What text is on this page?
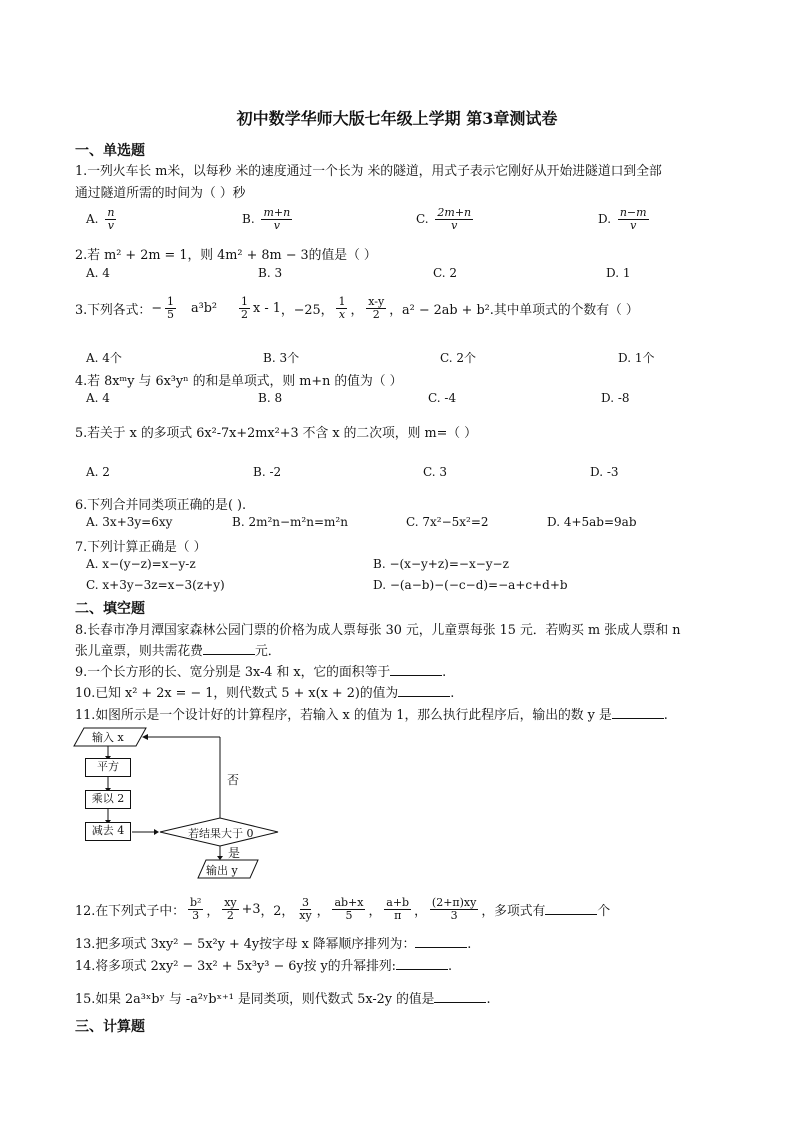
初中数学华师大版七年级上学期 第3章测试卷
一、单选题
1.一列火车长 m米，以每秒 米的速度通过一个长为 米的隧道，用式子表示它刚好从开始进隧道口到全部
通过隧道所需的时间为（ ）秒
A. $\frac{n}{v}$	B. $\frac{m+n}{v}$	C. $\frac{2m+n}{v}$	D. $\frac{n-m}{v}$
2.若 m² + 2m = 1，则 4m² + 8m − 3的值是（ ）
A. 4	B. 3	C. 2	D. 1
3.下列各式： − $\frac{1}{5} a^3b^2 \frac{1}{2}$ x - 1 ，−25， $\frac{1}{x}$ ， $\frac{x-y}{2}$ ，a² − 2ab + b².其中单项式的个数有（ ）
A. 4个	B. 3个	C. 2个	D. 1个
4.若 8xᵐy 与 6x³yⁿ 的和是单项式，则 m+n 的值为（ ）
A. 4	B. 8	C. -4	D. -8
5.若关于 x 的多项式 6x²-7x+2mx²+3 不含 x 的二次项，则 m=（ ）
A. 2	B. -2	C. 3	D. -3
6.下列合并同类项正确的是( ).
A. 3x+3y=6xy	B. 2m²n−m²n=m²n	C. 7x²−5x²=2	D. 4+5ab=9ab
7.下列计算正确是（ ）
A. x−(y−z)=x−y-z	B. −(x−y+z)=−x−y−z
C. x+3y−3z=x−3(z+y)	D. −(a−b)−(−c−d)=−a+c+d+b
二、填空题
8.长春市净月潭国家森林公园门票的价格为成人票每张 30 元，儿童票每张 15 元．若购买 m 张成人票和 n
张儿童票，则共需花费	元．
9.一个长方形的长、宽分别是 3x-4 和 x，它的面积等于	.
10.已知 x² + 2x = − 1，则代数式 5 + x(x + 2)的值为	.
11.如图所示是一个设计好的计算程序，若输入 x 的值为 1，那么执行此程序后，输出的数 y 是	.
输入 x
平方
乘以 2
减去 4	若结果大于 0
否
是
输出 y
12.在下列式子中： $\frac{\text{b²}}{3}$ ， $\frac{xy}{2} +3$ ，2， $\frac{3}{xy}$ ， $\frac{ab+x}{5}$ ， $\frac{a+b}{\pi}$ ， $\frac{(2+\pi)xy}{3}$ ，多项式有	个
13.把多项式 3xy² − 5x²y + 4y按字母 x 降幂顺序排列为：	.
14.将多项式 2xy² − 3x² + 5x³y³ − 6y按 y的升幂排列:	.
15.如果 2a³ˣbʸ 与 -a²ʸbˣ⁺¹ 是同类项，则代数式 5x-2y 的值是	.
三、计算题
